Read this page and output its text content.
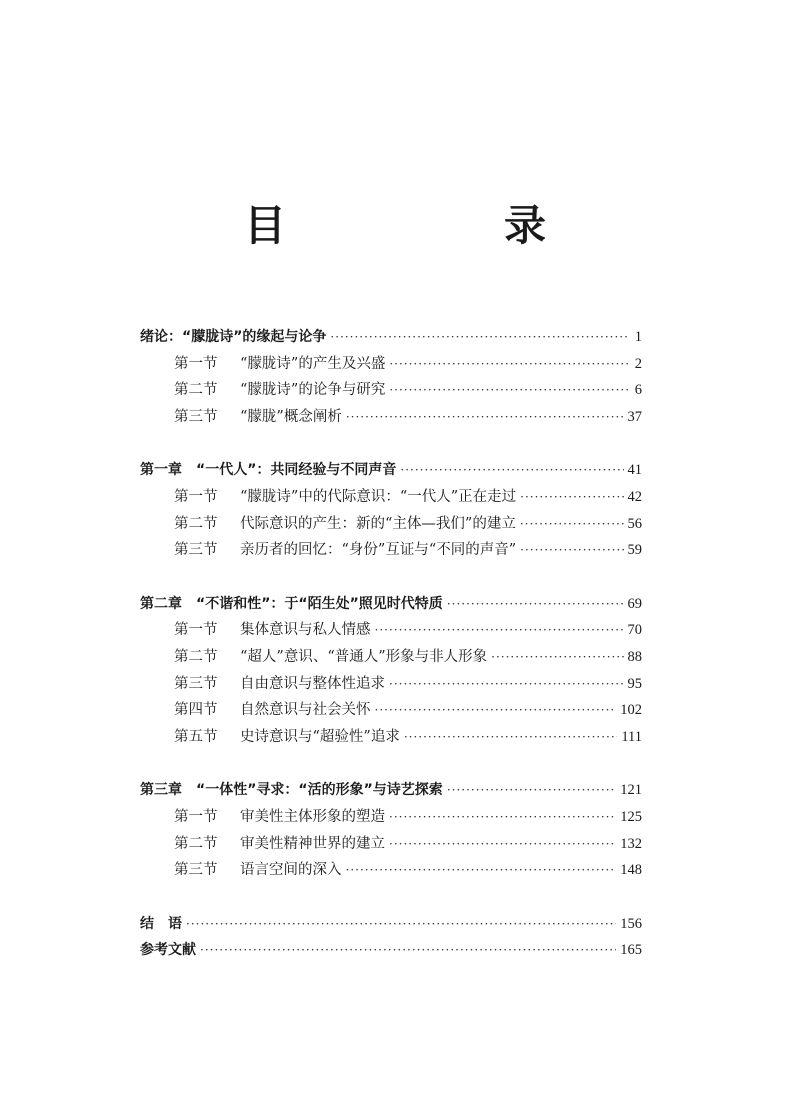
目　录
绪论：“朦胧诗”的缘起与论争 ·····	1
第一节	“朦胧诗”的产生及兴盛 ·····	2
第二节	“朦胧诗”的论争与研究 ·····	6
第三节	“朦胧”概念阐析 ·····	37
第一章　“一代人”：共同经验与不同声音 ·····	41
第一节	“朦胧诗”中的代际意识：“一代人”正在走过 ·····	42
第二节	代际意识的产生：新的“主体—我们”的建立 ·····	56
第三节	亲历者的回忆：“身份”互证与“不同的声音” ·····	59
第二章　“不谐和性”：于“陌生处”照见时代特质 ·····	69
第一节	集体意识与私人情感 ·····	70
第二节	“超人”意识、“普通人”形象与非人形象 ·····	88
第三节	自由意识与整体性追求 ·····	95
第四节	自然意识与社会关怀 ·····	102
第五节	史诗意识与“超验性”追求 ·····	111
第三章　“一体性”寻求：“活的形象”与诗艺探索 ·····	121
第一节	审美性主体形象的塑造 ·····	125
第二节	审美性精神世界的建立 ·····	132
第三节	语言空间的深入 ·····	148
结　语 ·····	156
参考文献 ·····	165
